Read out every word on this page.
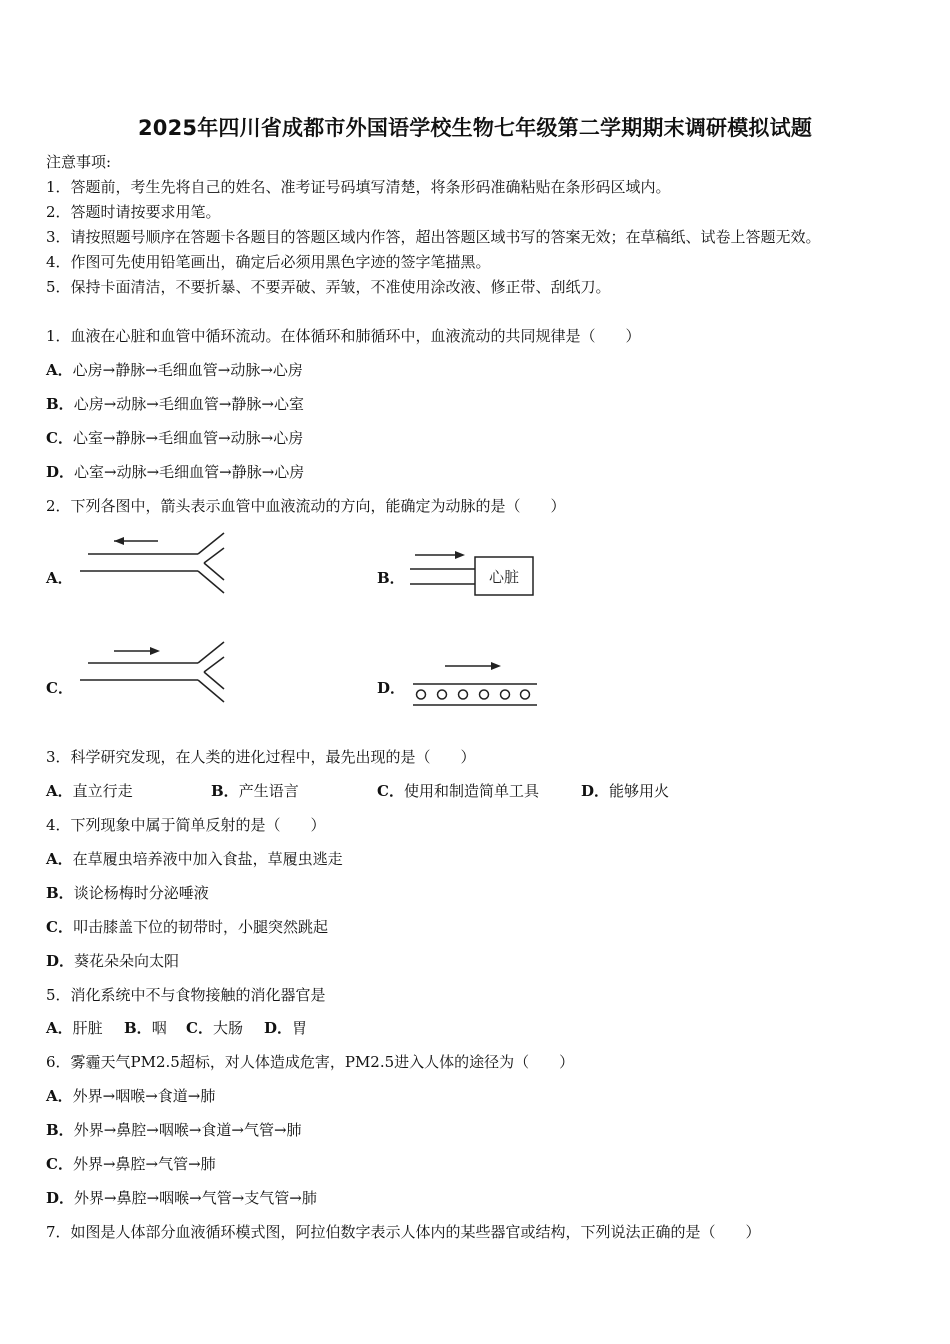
2025年四川省成都市外国语学校生物七年级第二学期期末调研模拟试题
注意事项:
1．答题前，考生先将自己的姓名、准考证号码填写清楚，将条形码准确粘贴在条形码区域内。
2．答题时请按要求用笔。
3．请按照题号顺序在答题卡各题目的答题区域内作答，超出答题区域书写的答案无效；在草稿纸、试卷上答题无效。
4．作图可先使用铅笔画出，确定后必须用黑色字迹的签字笔描黑。
5．保持卡面清洁，不要折暴、不要弄破、弄皱，不准使用涂改液、修正带、刮纸刀。
1．血液在心脏和血管中循环流动。在体循环和肺循环中，血液流动的共同规律是（　　）
A．心房→静脉→毛细血管→动脉→心房
B．心房→动脉→毛细血管→静脉→心室
C．心室→静脉→毛细血管→动脉→心房
D．心室→动脉→毛细血管→静脉→心房
2．下列各图中，箭头表示血管中血液流动的方向，能确定为动脉的是（　　）
A．	B．	心脏
C．	D．
3．科学研究发现，在人类的进化过程中，最先出现的是（　　）
A．直立行走	B．产生语言	C．使用和制造简单工具	D．能够用火
4．下列现象中属于简单反射的是（　　）
A．在草履虫培养液中加入食盐，草履虫逃走
B．谈论杨梅时分泌唾液
C．叩击膝盖下位的韧带时，小腿突然跳起
D．葵花朵朵向太阳
5．消化系统中不与食物接触的消化器官是
A．肝脏 B．咽 C．大肠 D．胃
6．雾霾天气PM2.5超标，对人体造成危害，PM2.5进入人体的途径为（　　）
A．外界→咽喉→食道→肺
B．外界→鼻腔→咽喉→食道→气管→肺
C．外界→鼻腔→气管→肺
D．外界→鼻腔→咽喉→气管→支气管→肺
7．如图是人体部分血液循环模式图，阿拉伯数字表示人体内的某些器官或结构，下列说法正确的是（　　）
